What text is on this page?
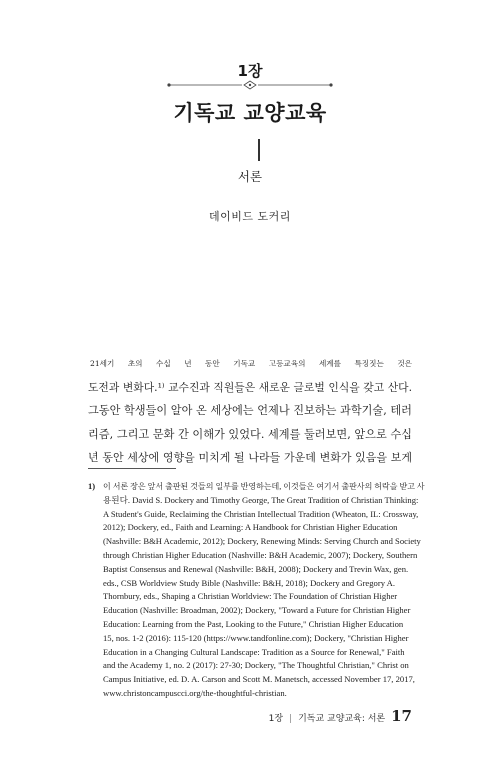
1장
기독교 교양교육
서론
데이비드 도커리

21세기 초의 수십 년 동안 기독교 고등교육의 세계를 특징짓는 것은

도전과 변화다.¹⁾ 교수진과 직원들은 새로운 글로벌 인식을 갖고 산다.

그동안 학생들이 알아 온 세상에는 언제나 진보하는 과학기술, 테러

리즘, 그리고 문화 간 이해가 있었다. 세계를 둘러보면, 앞으로 수십

년 동안 세상에 영향을 미치게 될 나라들 가운데 변화가 있음을 보게

1) 이 서론 장은 앞서 출판된 것들의 일부를 반영하는데, 이것들은 여기서 출판사의 허락을 받고 사
용된다. David S. Dockery and Timothy George, The Great Tradition of Christian Thinking:
A Student's Guide, Reclaiming the Christian Intellectual Tradition (Wheaton, IL: Crossway,
2012); Dockery, ed., Faith and Learning: A Handbook for Christian Higher Education
(Nashville: B&H Academic, 2012); Dockery, Renewing Minds: Serving Church and Society
through Christian Higher Education (Nashville: B&H Academic, 2007); Dockery, Southern
Baptist Consensus and Renewal (Nashville: B&H, 2008); Dockery and Trevin Wax, gen.
eds., CSB Worldview Study Bible (Nashville: B&H, 2018); Dockery and Gregory A.
Thornbury, eds., Shaping a Christian Worldview: The Foundation of Christian Higher
Education (Nashville: Broadman, 2002); Dockery, "Toward a Future for Christian Higher
Education: Learning from the Past, Looking to the Future," Christian Higher Education
15, nos. 1-2 (2016): 115-120 (https://www.tandfonline.com); Dockery, "Christian Higher
Education in a Changing Cultural Landscape: Tradition as a Source for Renewal," Faith
and the Academy 1, no. 2 (2017): 27-30; Dockery, "The Thoughtful Christian," Christ on
Campus Initiative, ed. D. A. Carson and Scott M. Manetsch, accessed November 17, 2017,
www.christoncampuscci.org/the-thoughtful-christian.
1장 | 기독교 교양교육: 서론 17
